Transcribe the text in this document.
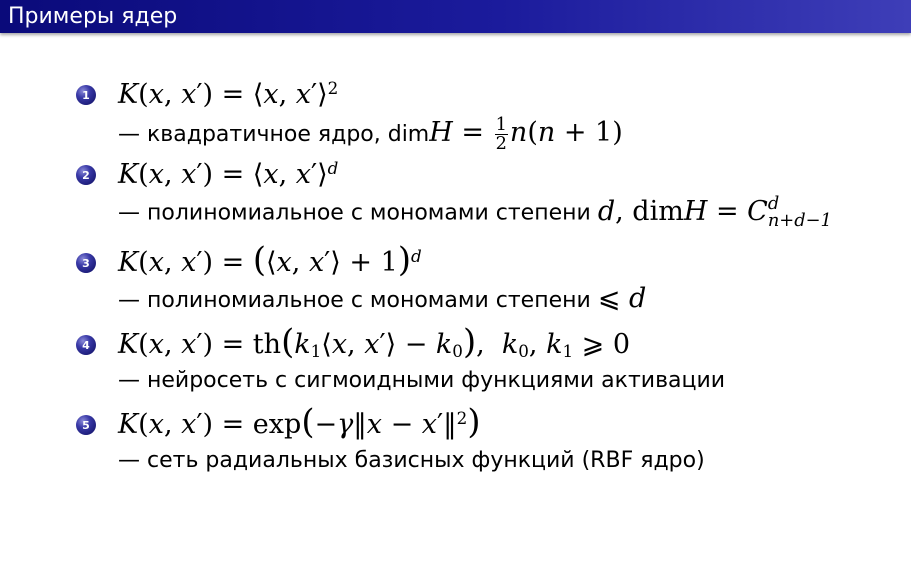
Примеры ядер
1 K(x, x′) = ⟨x, x′⟩$^2$
— квадратичное ядро, dimH = $\frac{1}{2} n(n + 1)$
2 K(x, x′) = ⟨x, x′⟩$^d$
— полиномиальное с мономами степени d, dimH = C d
n+d−1
3 K(x, x′) = (⟨x, x′⟩ + 1)$^d$
— полиномиальное с мономами степени ⩽ d
4 K(x, $x') = th(k_1⟨x$, x′⟩ − $k_0$),  $k_0$, $k_1$ ⩾ 0
— нейросеть с сигмоидными функциями активации
5 K(x, x′) = exp(−γ‖x − x′‖$^2$)
— сеть радиальных базисных функций (RBF ядро)
